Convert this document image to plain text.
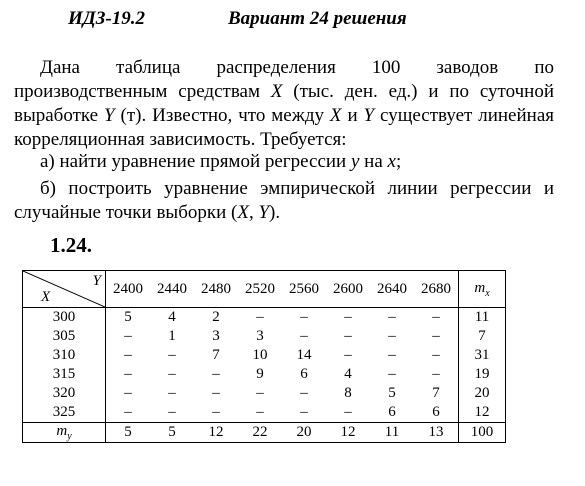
ИДЗ-19.2	Вариант 24 решения
Дана таблица распределения 100 заводов по производственным средствам X (тыс. ден. ед.) и по суточной выработке Y (т). Известно, что между X и Y существует линейная корреляционная зависимость. Требуется:
а) найти уравнение прямой регрессии y на x;
б) построить уравнение эмпирической линии регрессии и случайные точки выборки (X, Y).
1.24.
Y
X	2400	2440	2480	2520	2560	2600	2640	2680	$m_x$
300	5	4	2	–	–	–	–	–	11
305	–	1	3	3	–	–	–	–	7
310	–	–	7	10	14	–	–	–	31
315	–	–	–	9	6	4	–	–	19
320	–	–	–	–	–	8	5	7	20
325	–	–	–	–	–	–	6	6	12
$m_y$	5	5	12	22	20	12	11	13	100
